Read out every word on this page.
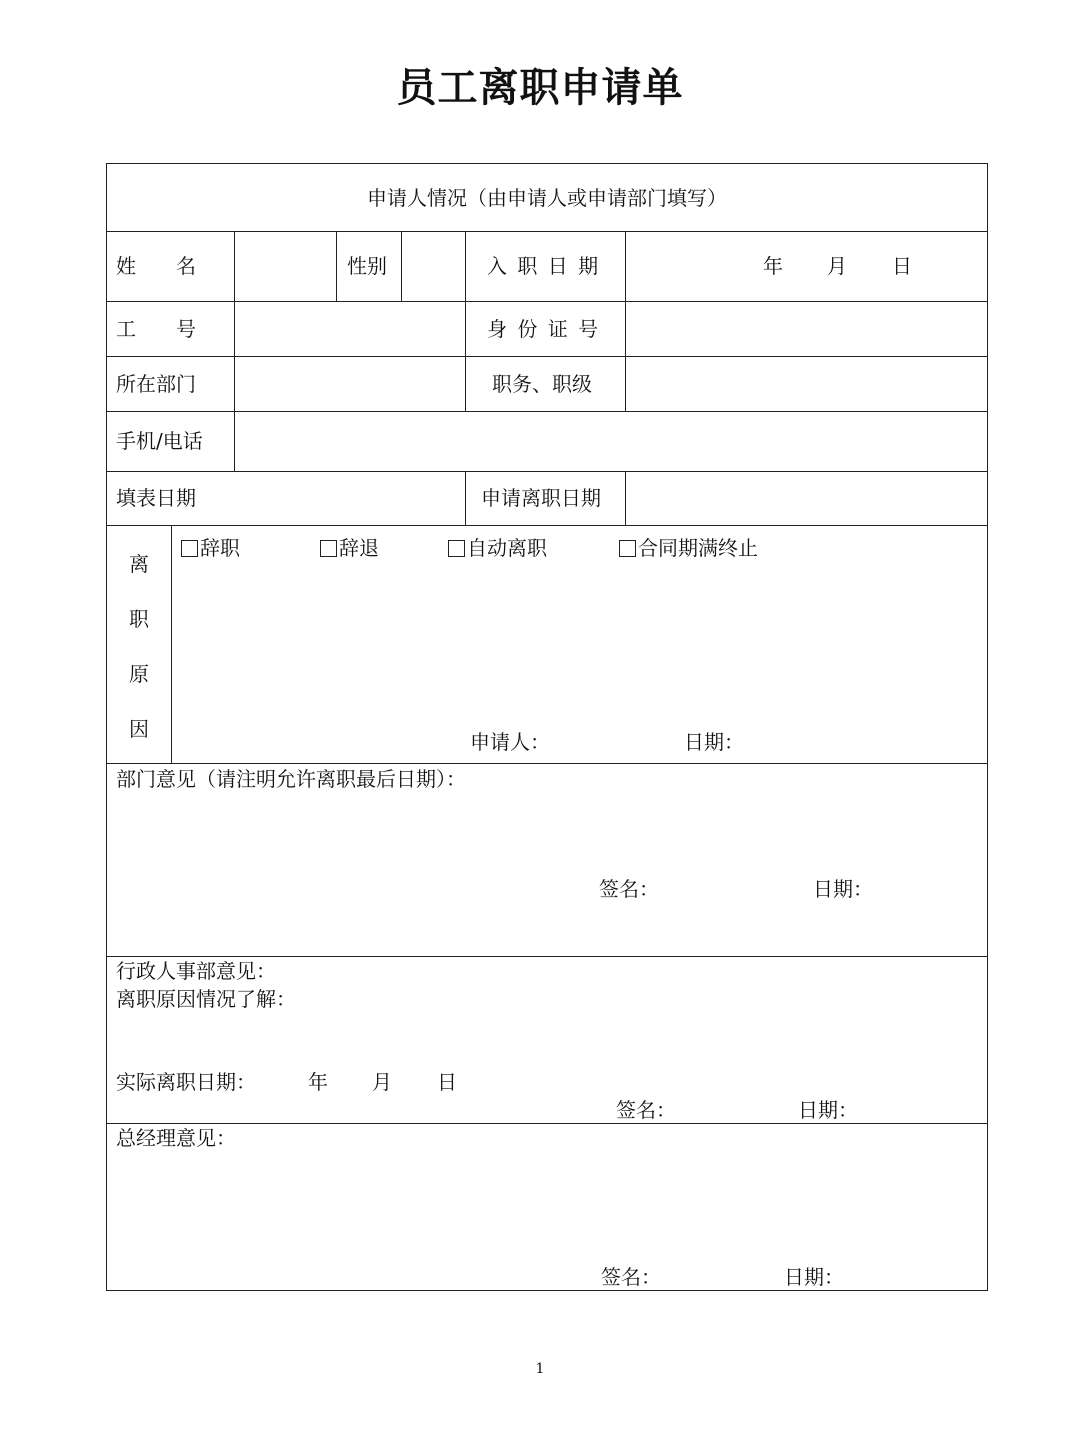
员工离职申请单
申请人情况（由申请人或申请部门填写）
姓　　名	性别	入 职 日 期	年 月 日
工　　号	身 份 证 号
所在部门	职务、职级
手机/电话
填表日期	申请离职日期
离
职
原
因
辞职	辞退	自动离职	合同期满终止
申请人：	日期：
部门意见（请注明允许离职最后日期）：
签名：	日期：
行政人事部意见：
离职原因情况了解：
实际离职日期：	年 月 日
签名：	日期：
总经理意见：
签名：	日期：
1
